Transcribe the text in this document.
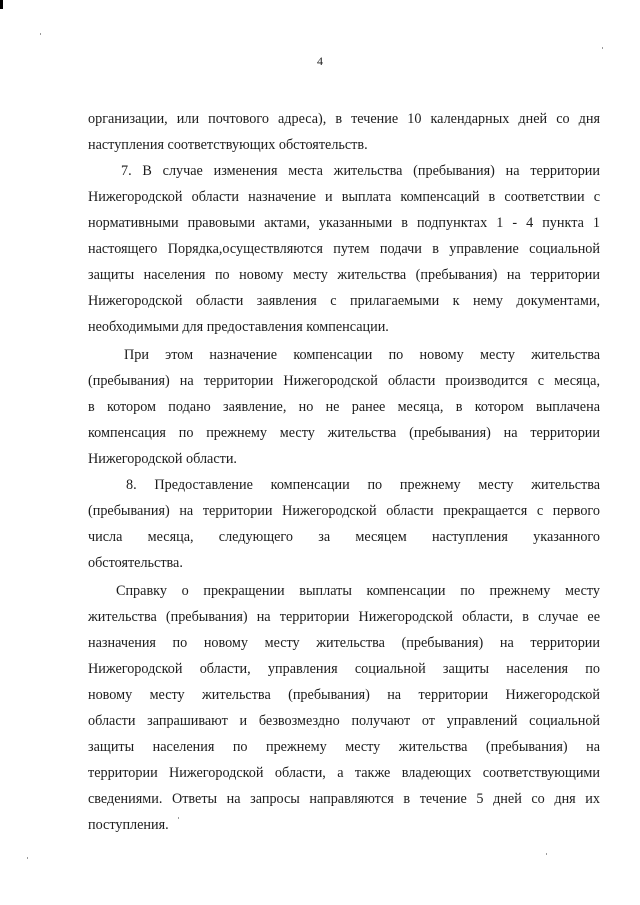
4
организации, или почтового адреса), в течение 10 календарных дней со дня
наступления соответствующих обстоятельств.
7. В случае изменения места жительства (пребывания) на территории
Нижегородской области назначение и выплата компенсаций в соответствии с
нормативными правовыми актами, указанными в подпунктах 1 - 4 пункта 1
настоящего Порядка,осуществляются путем подачи в управление социальной
защиты населения по новому месту жительства (пребывания) на территории
Нижегородской области заявления с прилагаемыми к нему документами,
необходимыми для предоставления компенсации.
При этом назначение компенсации по новому месту жительства
(пребывания) на территории Нижегородской области производится с месяца,
в котором подано заявление, но не ранее месяца, в котором выплачена
компенсация по прежнему месту жительства (пребывания) на территории
Нижегородской области.
8. Предоставление компенсации по прежнему месту жительства
(пребывания) на территории Нижегородской области прекращается с первого
числа месяца, следующего за месяцем наступления указанного
обстоятельства.
Справку о прекращении выплаты компенсации по прежнему месту
жительства (пребывания) на территории Нижегородской области, в случае ее
назначения по новому месту жительства (пребывания) на территории
Нижегородской области, управления социальной защиты населения по
новому месту жительства (пребывания) на территории Нижегородской
области запрашивают и безвозмездно получают от управлений социальной
защиты населения по прежнему месту жительства (пребывания) на
территории Нижегородской области, а также владеющих соответствующими
сведениями. Ответы на запросы направляются в течение 5 дней со дня их
поступления.
